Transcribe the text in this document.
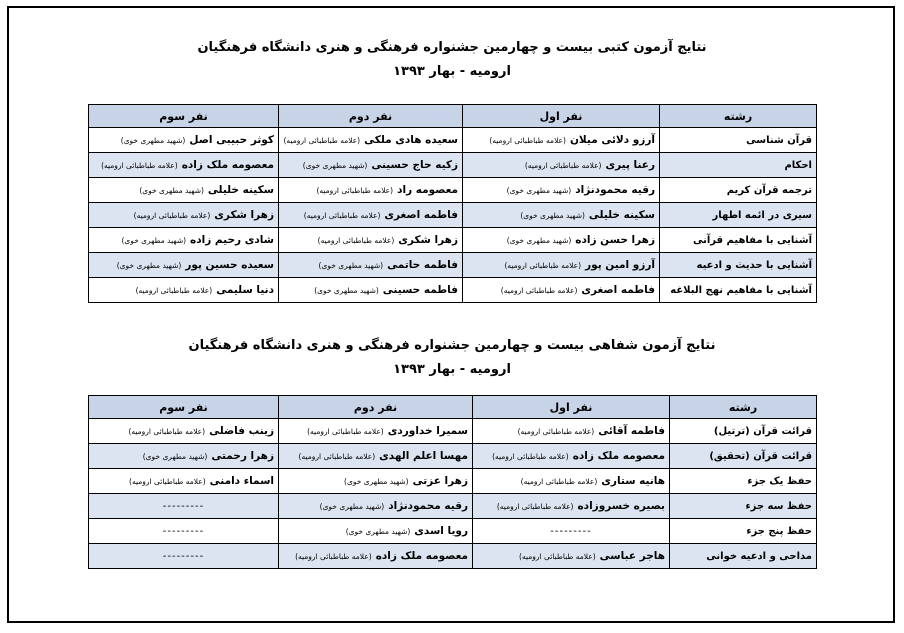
نتایج آزمون کتبی بیست و چهارمین جشنواره فرهنگی و هنری دانشگاه فرهنگیان
ارومیه - بهار ۱۳۹۳
رشته	نفر اول	نفر دوم	نفر سوم
قرآن شناسی	آرزو دلائی میلان(علامه طباطبائی ارومیه)	سعیده هادی ملکی(علامه طباطبائی ارومیه)	کوثر حبیبی اصل(شهید مطهری خوی)
احکام	رعنا پیری(علامه طباطبائی ارومیه)	زکیه حاج حسینی(شهید مطهری خوی)	معصومه ملک زاده(علامه طباطبائی ارومیه)
ترجمه قرآن کریم	رقیه محمودنژاد(شهید مطهری خوی)	معصومه راد(علامه طباطبائی ارومیه)	سکینه خلیلی(شهید مطهری خوی)
سیری در ائمه اطهار	سکینه خلیلی(شهید مطهری خوی)	فاطمه اصغری(علامه طباطبائی ارومیه)	زهرا شکری(علامه طباطبائی ارومیه)
آشنایی با مفاهیم قرآنی	زهرا حسن زاده(شهید مطهری خوی)	زهرا شکری(علامه طباطبائی ارومیه)	شادی رحیم زاده(شهید مطهری خوی)
آشنایی با حدیث و ادعیه	آرزو امین پور(علامه طباطبائی ارومیه)	فاطمه حاتمی(شهید مطهری خوی)	سعیده حسین پور(شهید مطهری خوی)
آشنایی با مفاهیم نهج البلاغه	فاطمه اصغری(علامه طباطبائی ارومیه)	فاطمه حسینی(شهید مطهری خوی)	دنیا سلیمی(علامه طباطبائی ارومیه)
نتایج آزمون شفاهی بیست و چهارمین جشنواره فرهنگی و هنری دانشگاه فرهنگیان
ارومیه - بهار ۱۳۹۳
رشته	نفر اول	نفر دوم	نفر سوم
قرائت قرآن (ترتیل)	فاطمه آقائی(علامه طباطبائی ارومیه)	سمیرا خداوردی(علامه طباطبائی ارومیه)	زینب فاضلی(علامه طباطبائی ارومیه)
قرائت قرآن (تحقیق)	معصومه ملک زاده(علامه طباطبائی ارومیه)	مهسا اعلم الهدی(علامه طباطبائی ارومیه)	زهرا رحمتی(شهید مطهری خوی)
حفظ یک جزء	هانیه ستاری(علامه طباطبائی ارومیه)	زهرا عزتی(شهید مطهری خوی)	اسماء دامنی(علامه طباطبائی ارومیه)
حفظ سه جزء	بصیره خسروزاده(علامه طباطبائی ارومیه)	رقیه محمودنژاد(شهید مطهری خوی)	---------
حفظ پنج جزء	---------	رویا اسدی(شهید مطهری خوی)	---------
مداحی و ادعیه خوانی	هاجر عباسی(علامه طباطبائی ارومیه)	معصومه ملک زاده(علامه طباطبائی ارومیه)	---------
